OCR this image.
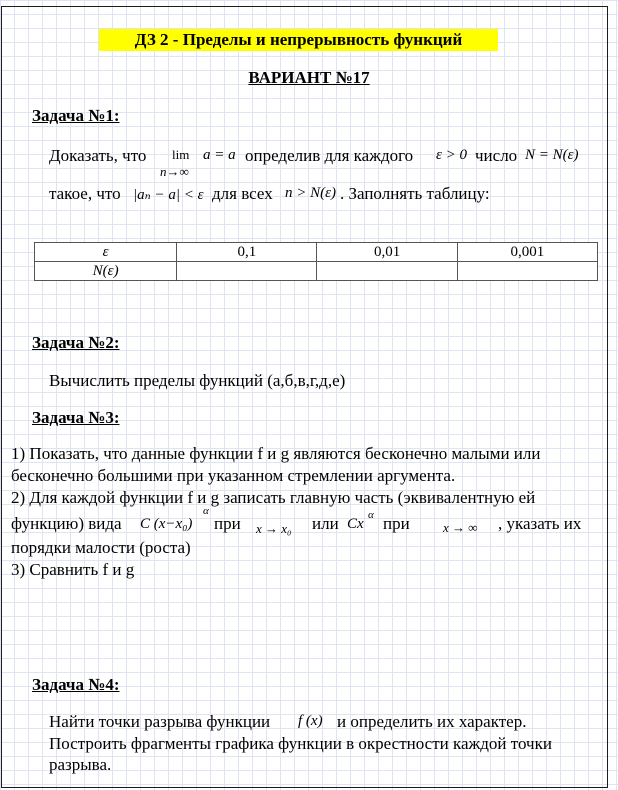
ДЗ 2 - Пределы и непрерывность функций
ВАРИАНТ №17
Задача №1:
Доказать, что lim
n→∞
a = a определив для каждого ε > 0 число N = N(ε)
такое, что |aₙ − a| < ε для всех n > N(ε) . Заполнять таблицу:
ε	0,1	0,01	0,001
N(ε)			
Задача №2:
Вычислить пределы функций (а,б,в,г,д,е)
Задача №3:
1) Показать, что данные функции f и g являются бесконечно малыми или
бесконечно большими при указанном стремлении аргумента.
2) Для каждой функции f и g записать главную часть (эквивалентную ей
функцию) вида C (x−x₀)
α
при x → x₀ или Cx
α при	x → ∞ , указать их
порядки малости (роста)
3) Сравнить f и g
Задача №4:
Найти точки разрыва функции f (x) и определить их характер.
Построить фрагменты графика функции в окрестности каждой точки
разрыва.
